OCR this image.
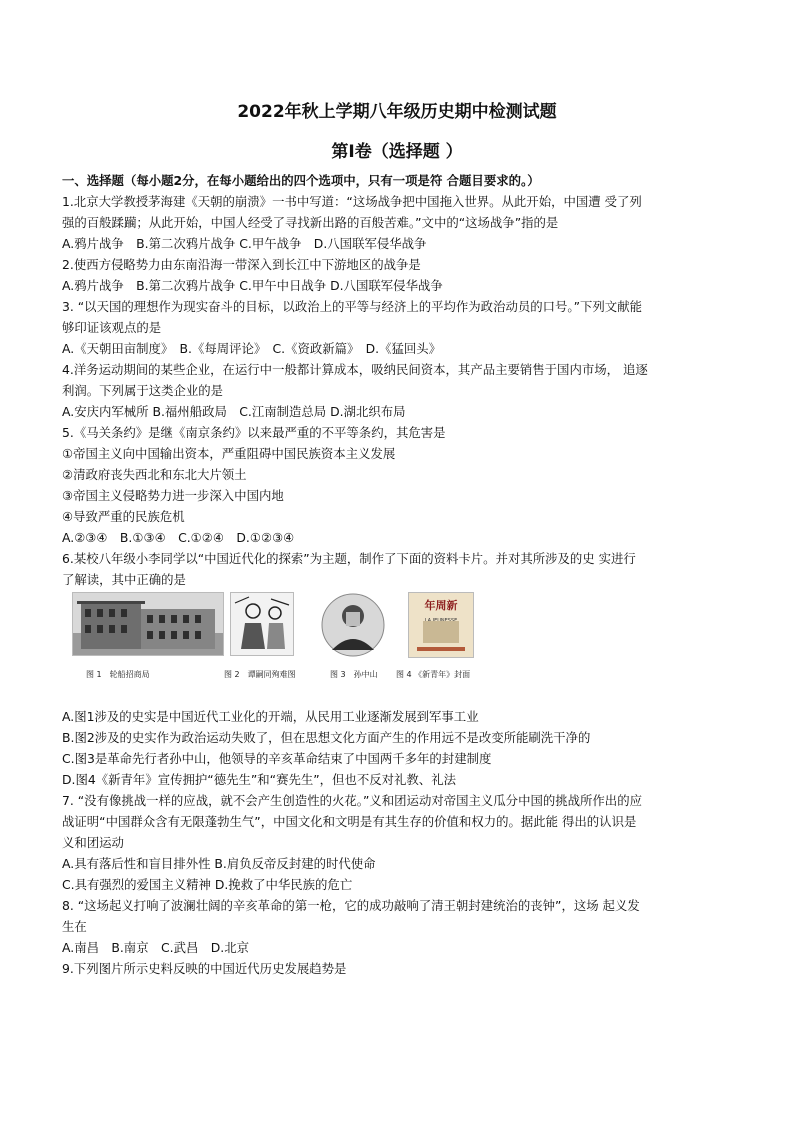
2022年秋上学期八年级历史期中检测试题
第I卷（选择题 ）
一、选择题（每小题2分，在每小题给出的四个选项中，只有一项是符 合题目要求的。）
1.北京大学教授茅海建《天朝的崩溃》一书中写道：“这场战争把中国拖入世界。从此开始，中国遭 受了列
强的百般蹂躏；从此开始，中国人经受了寻找新出路的百般苦难。”文中的“这场战争”指的是
A.鸦片战争　B.第二次鸦片战争 C.甲午战争　D.八国联军侵华战争
2.使西方侵略势力由东南沿海一带深入到长江中下游地区的战争是
A.鸦片战争　B.第二次鸦片战争 C.甲午中日战争 D.八国联军侵华战争
3. “以天国的理想作为现实奋斗的目标，以政治上的平等与经济上的平均作为政治动员的口号。”下列文献能
够印证该观点的是
A.《天朝田亩制度》　B.《每周评论》　C.《资政新篇》　D.《猛回头》
4.洋务运动期间的某些企业，在运行中一般都计算成本，吸纳民间资本，其产品主要销售于国内市场， 追逐
利润。下列属于这类企业的是
A.安庆内军械所 B.福州船政局　C.江南制造总局 D.湖北织布局
5.《马关条约》是继《南京条约》以来最严重的不平等条约，其危害是
①帝国主义向中国输出资本，严重阻碍中国民族资本主义发展
②清政府丧失西北和东北大片领土
③帝国主义侵略势力进一步深入中国内地
④导致严重的民族危机
A.②③④　B.①③④　C.①②④　D.①②③④
6.某校八年级小李同学以“中国近代化的探索”为主题，制作了下面的资料卡片。并对其所涉及的史 实进行
了解读，其中正确的是
图 1　轮船招商局	图 2　谭嗣同殉难图	图 3　孙中山
年周新
图 4 《新青年》封面
A.图1涉及的史实是中国近代工业化的开端，从民用工业逐渐发展到军事工业
B.图2涉及的史实作为政治运动失败了，但在思想文化方面产生的作用远不是改变所能刷洗干净的
C.图3是革命先行者孙中山，他领导的辛亥革命结束了中国两千多年的封建制度
D.图4《新青年》宣传拥护“德先生”和“赛先生”，但也不反对礼教、礼法
7. “没有像挑战一样的应战，就不会产生创造性的火花。”义和团运动对帝国主义瓜分中国的挑战所作出的应
战证明“中国群众含有无限蓬勃生气”，中国文化和文明是有其生存的价值和权力的。据此能 得出的认识是
义和团运动
A.具有落后性和盲目排外性 B.肩负反帝反封建的时代使命
C.具有强烈的爱国主义精神 D.挽救了中华民族的危亡
8. “这场起义打响了波澜壮阔的辛亥革命的第一枪，它的成功敲响了清王朝封建统治的丧钟”，这场 起义发
生在
A.南昌　B.南京　C.武昌　D.北京
9.下列图片所示史料反映的中国近代历史发展趋势是
